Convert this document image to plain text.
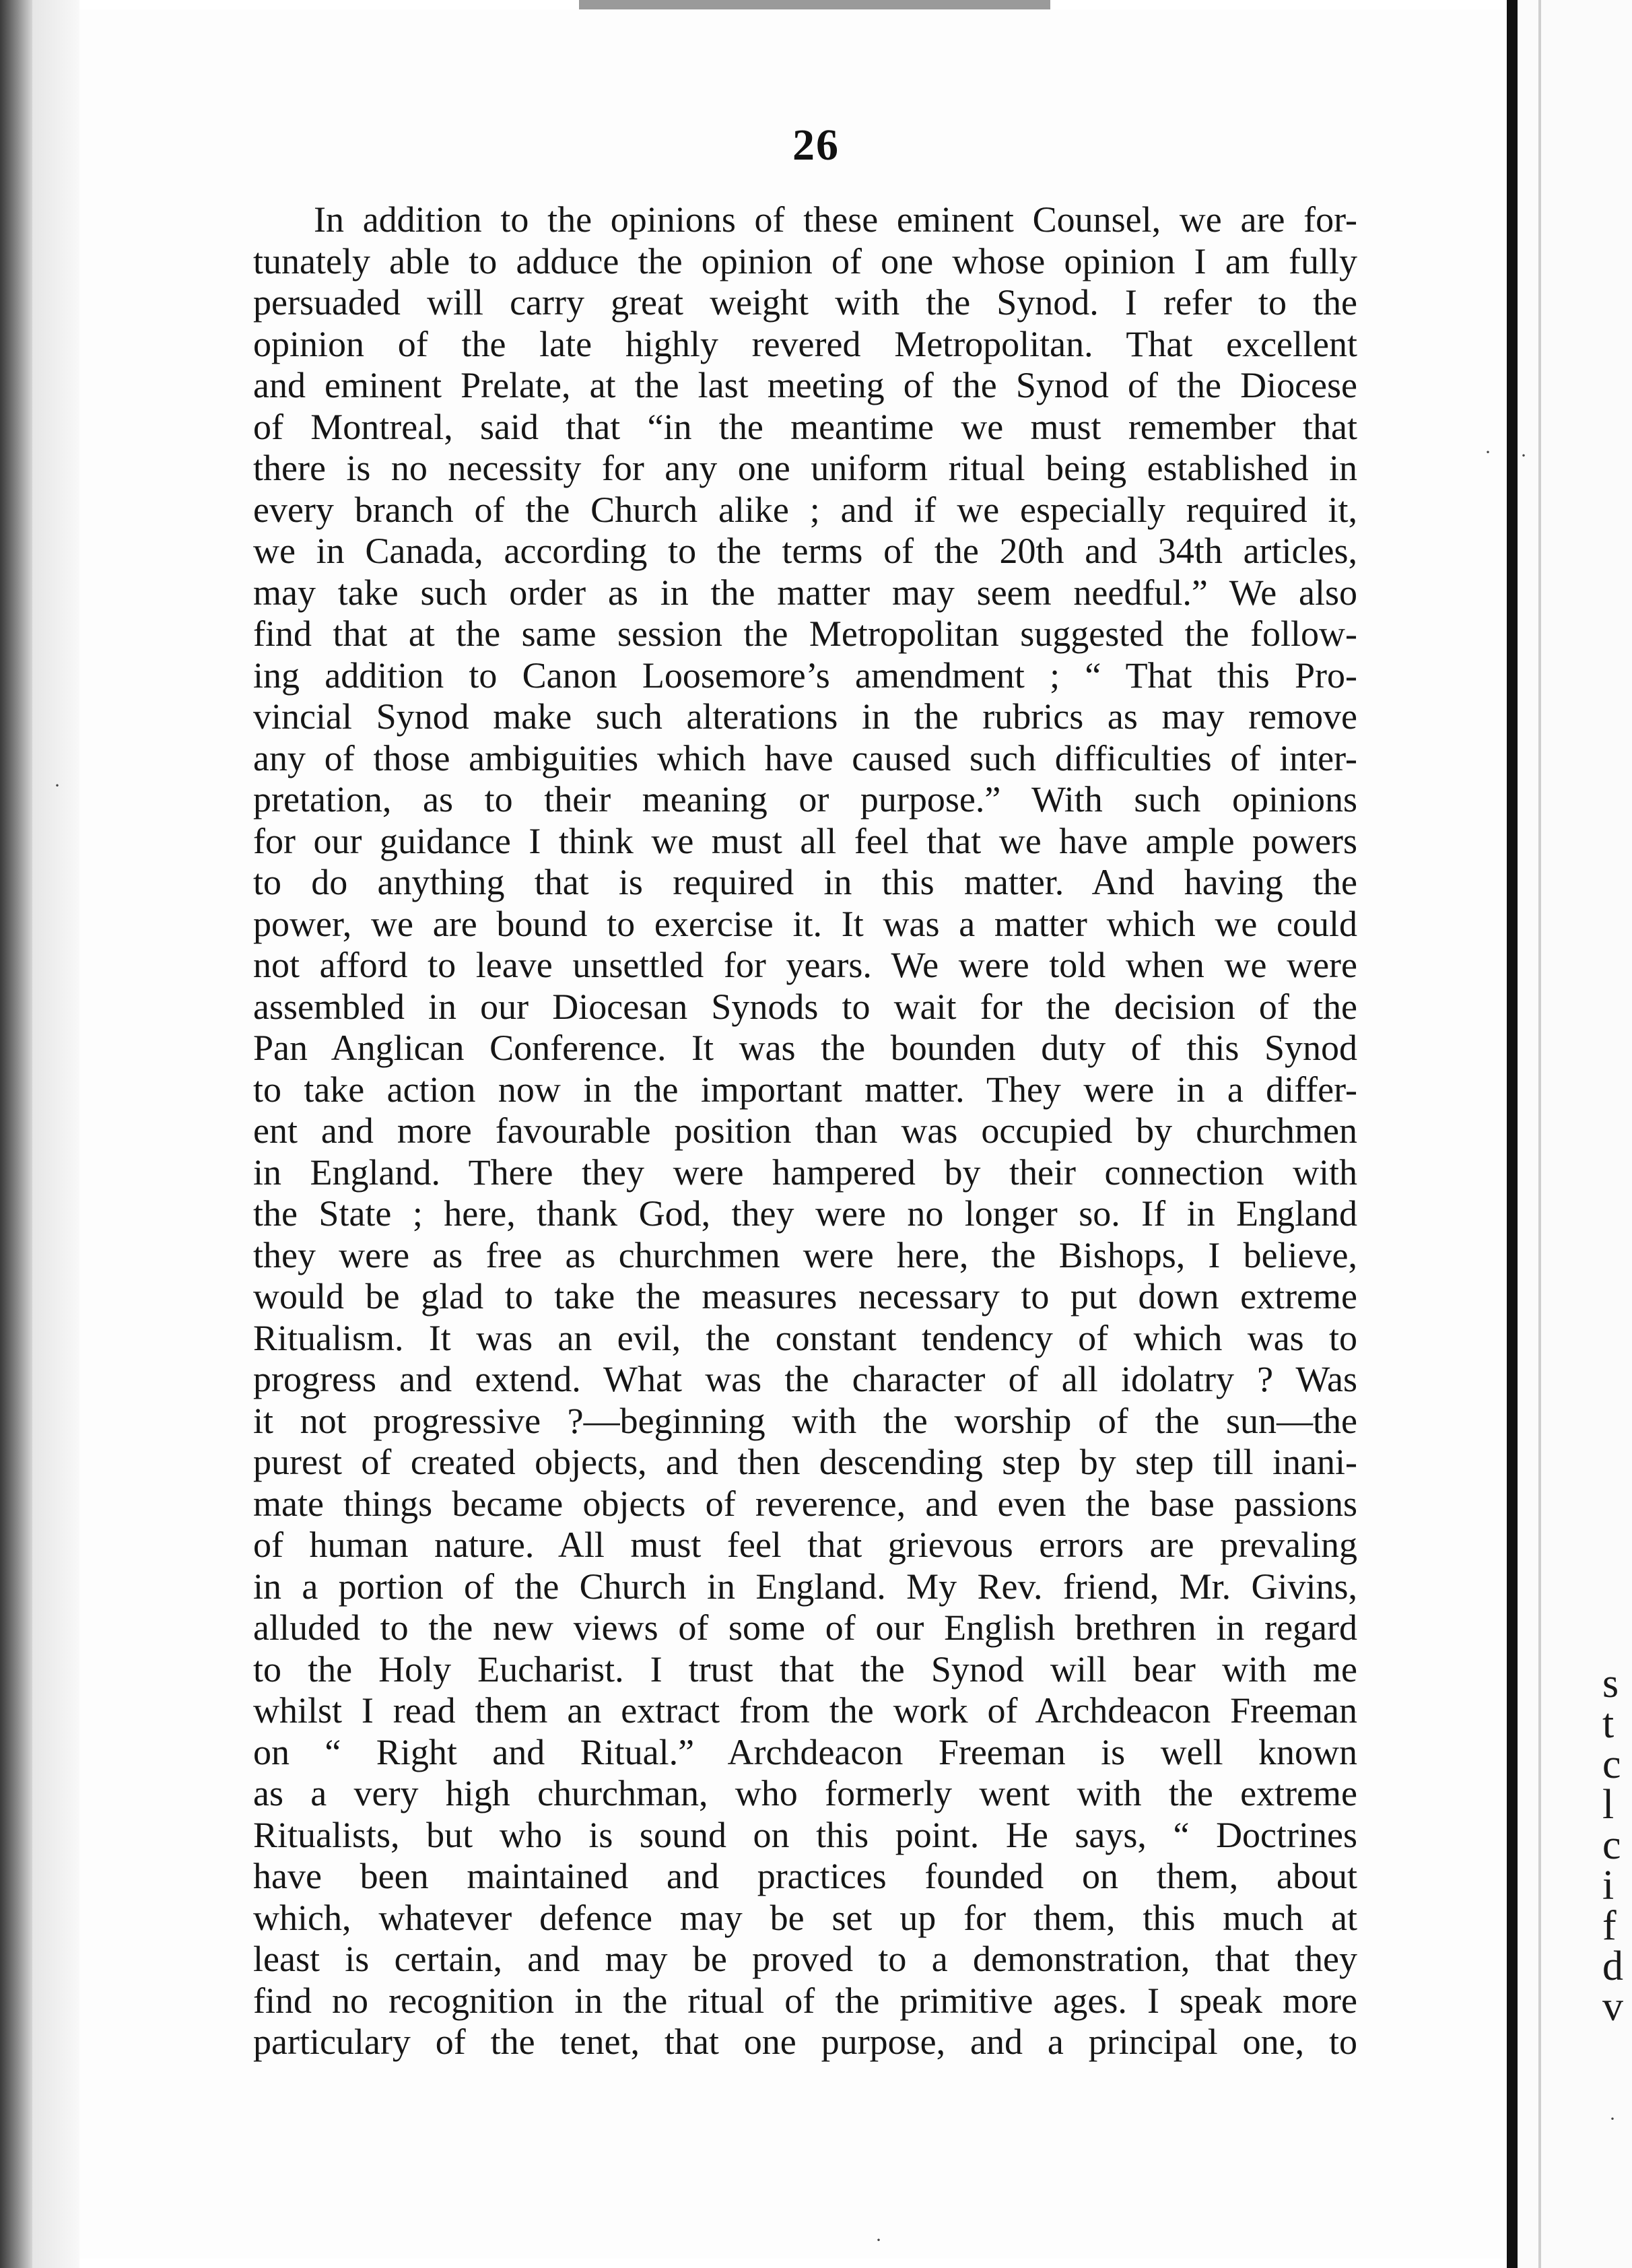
s
t
c
l
c
i
f
d
v
· ·
·
·
·
26
In addition to the opinions of these eminent Counsel, we are for-
tunately able to adduce the opinion of one whose opinion I am fully
persuaded will carry great weight with the Synod. I refer to the
opinion of the late highly revered Metropolitan. That excellent
and eminent Prelate, at the last meeting of the Synod of the Diocese
of Montreal, said that “in the meantime we must remember that
there is no necessity for any one uniform ritual being established in
every branch of the Church alike ; and if we especially required it,
we in Canada, according to the terms of the 20th and 34th articles,
may take such order as in the matter may seem needful.” We also
find that at the same session the Metropolitan suggested the follow-
ing addition to Canon Loosemore’s amendment ; “ That this Pro-
vincial Synod make such alterations in the rubrics as may remove
any of those ambiguities which have caused such difficulties of inter-
pretation, as to their meaning or purpose.” With such opinions
for our guidance I think we must all feel that we have ample powers
to do anything that is required in this matter. And having the
power, we are bound to exercise it. It was a matter which we could
not afford to leave unsettled for years. We were told when we were
assembled in our Diocesan Synods to wait for the decision of the
Pan Anglican Conference. It was the bounden duty of this Synod
to take action now in the important matter. They were in a differ-
ent and more favourable position than was occupied by churchmen
in England. There they were hampered by their connection with
the State ; here, thank God, they were no longer so. If in England
they were as free as churchmen were here, the Bishops, I believe,
would be glad to take the measures necessary to put down extreme
Ritualism. It was an evil, the constant tendency of which was to
progress and extend. What was the character of all idolatry ? Was
it not progressive ?—beginning with the worship of the sun—the
purest of created objects, and then descending step by step till inani-
mate things became objects of reverence, and even the base passions
of human nature. All must feel that grievous errors are prevaling
in a portion of the Church in England. My Rev. friend, Mr. Givins,
alluded to the new views of some of our English brethren in regard
to the Holy Eucharist. I trust that the Synod will bear with me
whilst I read them an extract from the work of Archdeacon Freeman
on “ Right and Ritual.” Archdeacon Freeman is well known
as a very high churchman, who formerly went with the extreme
Ritualists, but who is sound on this point. He says, “ Doctrines
have been maintained and practices founded on them, about
which, whatever defence may be set up for them, this much at
least is certain, and may be proved to a demonstration, that they
find no recognition in the ritual of the primitive ages. I speak more
particulary of the tenet, that one purpose, and a principal one, to
